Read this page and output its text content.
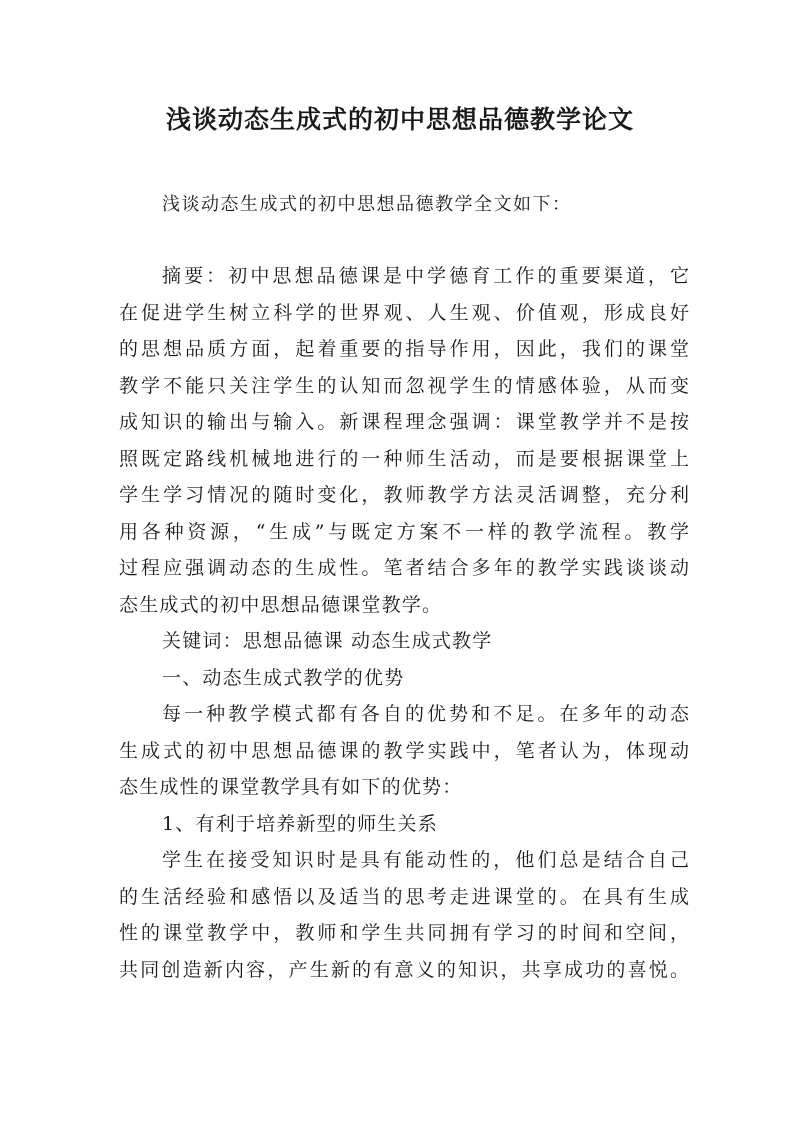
浅谈动态生成式的初中思想品德教学论文

浅谈动态生成式的初中思想品德教学全文如下：

摘要：初中思想品德课是中学德育工作的重要渠道，它
在促进学生树立科学的世界观、人生观、价值观，形成良好
的思想品质方面，起着重要的指导作用，因此，我们的课堂
教学不能只关注学生的认知而忽视学生的情感体验，从而变
成知识的输出与输入。新课程理念强调：课堂教学并不是按
照既定路线机械地进行的一种师生活动，而是要根据课堂上
学生学习情况的随时变化，教师教学方法灵活调整，充分利
用各种资源，“生成”与既定方案不一样的教学流程。教学
过程应强调动态的生成性。笔者结合多年的教学实践谈谈动
态生成式的初中思想品德课堂教学。
关键词：思想品德课 动态生成式教学
一、动态生成式教学的优势
每一种教学模式都有各自的优势和不足。在多年的动态
生成式的初中思想品德课的教学实践中，笔者认为，体现动
态生成性的课堂教学具有如下的优势：
1、有利于培养新型的师生关系
学生在接受知识时是具有能动性的，他们总是结合自己
的生活经验和感悟以及适当的思考走进课堂的。在具有生成
性的课堂教学中，教师和学生共同拥有学习的时间和空间，
共同创造新内容，产生新的有意义的知识，共享成功的喜悦。
